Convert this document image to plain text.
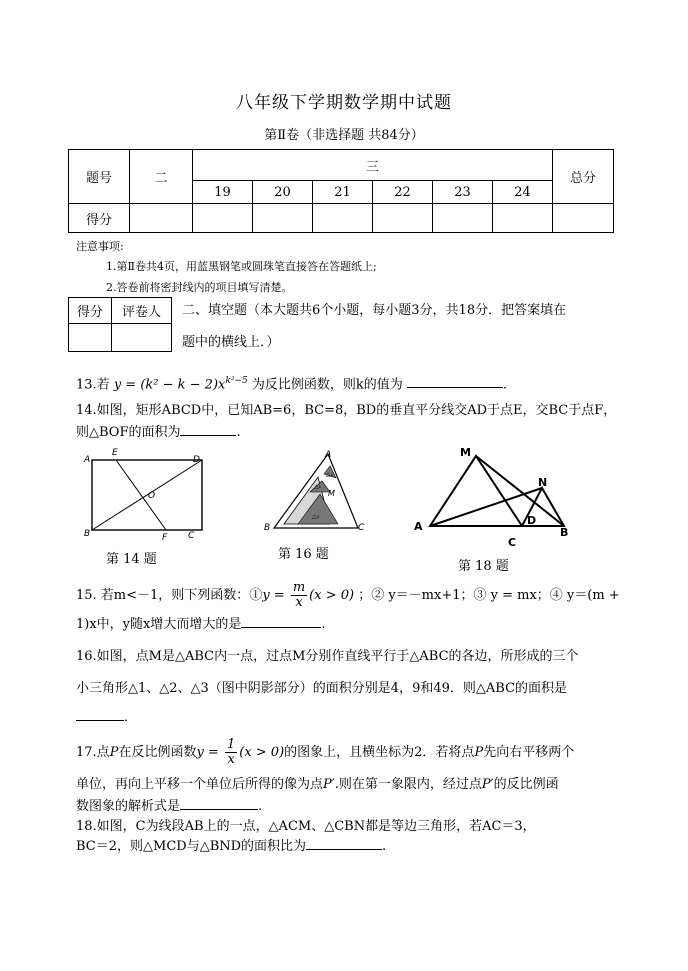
八年级下学期数学期中试题
第Ⅱ卷（非选择题 共84分）
题号	二	三						总分
		19	20	21	22	23	24	
得分								
注意事项:
1.第Ⅱ卷共4页，用蓝黑钢笔或圆珠笔直接答在答题纸上;
2.答卷前将密封线内的项目填写清楚。
得分	评卷人
	二、填空题（本大题共6个小题，每小题3分，共18分．把答案填在
题中的横线上．）
13.若 $y = (k^2 - k - 2)x^{k^2-5}$ 为反比例函数，则k的值为	.
14.如图，矩形ABCD中，已知AB=6，BC=8，BD的垂直平分线交AD于点E，交BC于点F，
则△BOF的面积为	.
A
B	C
D
E
F
O
第 14 题
A
B	C
M
△₁
△₂
△₃
第 16 题
A	B
C
D
M
N
第 18 题
15. 若m<－1，则下列函数：①y = $\frac{m}{x} (x > 0)$ ；② y＝－mx+1；③ y = mx；④ y＝(m +
1)x中，y随x增大而增大的是	.
16.如图，点M是△ABC内一点，过点M分别作直线平行于△ABC的各边，所形成的三个
小三角形△1、△2、△3（图中阴影部分）的面积分别是4，9和49．则△ABC的面积是
．
17.点P在反比例函数$y = \frac{1}{x} (x > 0)$的图象上，且横坐标为2．若将点P先向右平移两个
单位，再向上平移一个单位后所得的像为点P′.则在第一象限内，经过点P′的反比例函
数图象的解析式是	.
18.如图，C为线段AB上的一点，△ACM、△CBN都是等边三角形，若AC＝3，
BC＝2，则△MCD与△BND的面积比为	.
